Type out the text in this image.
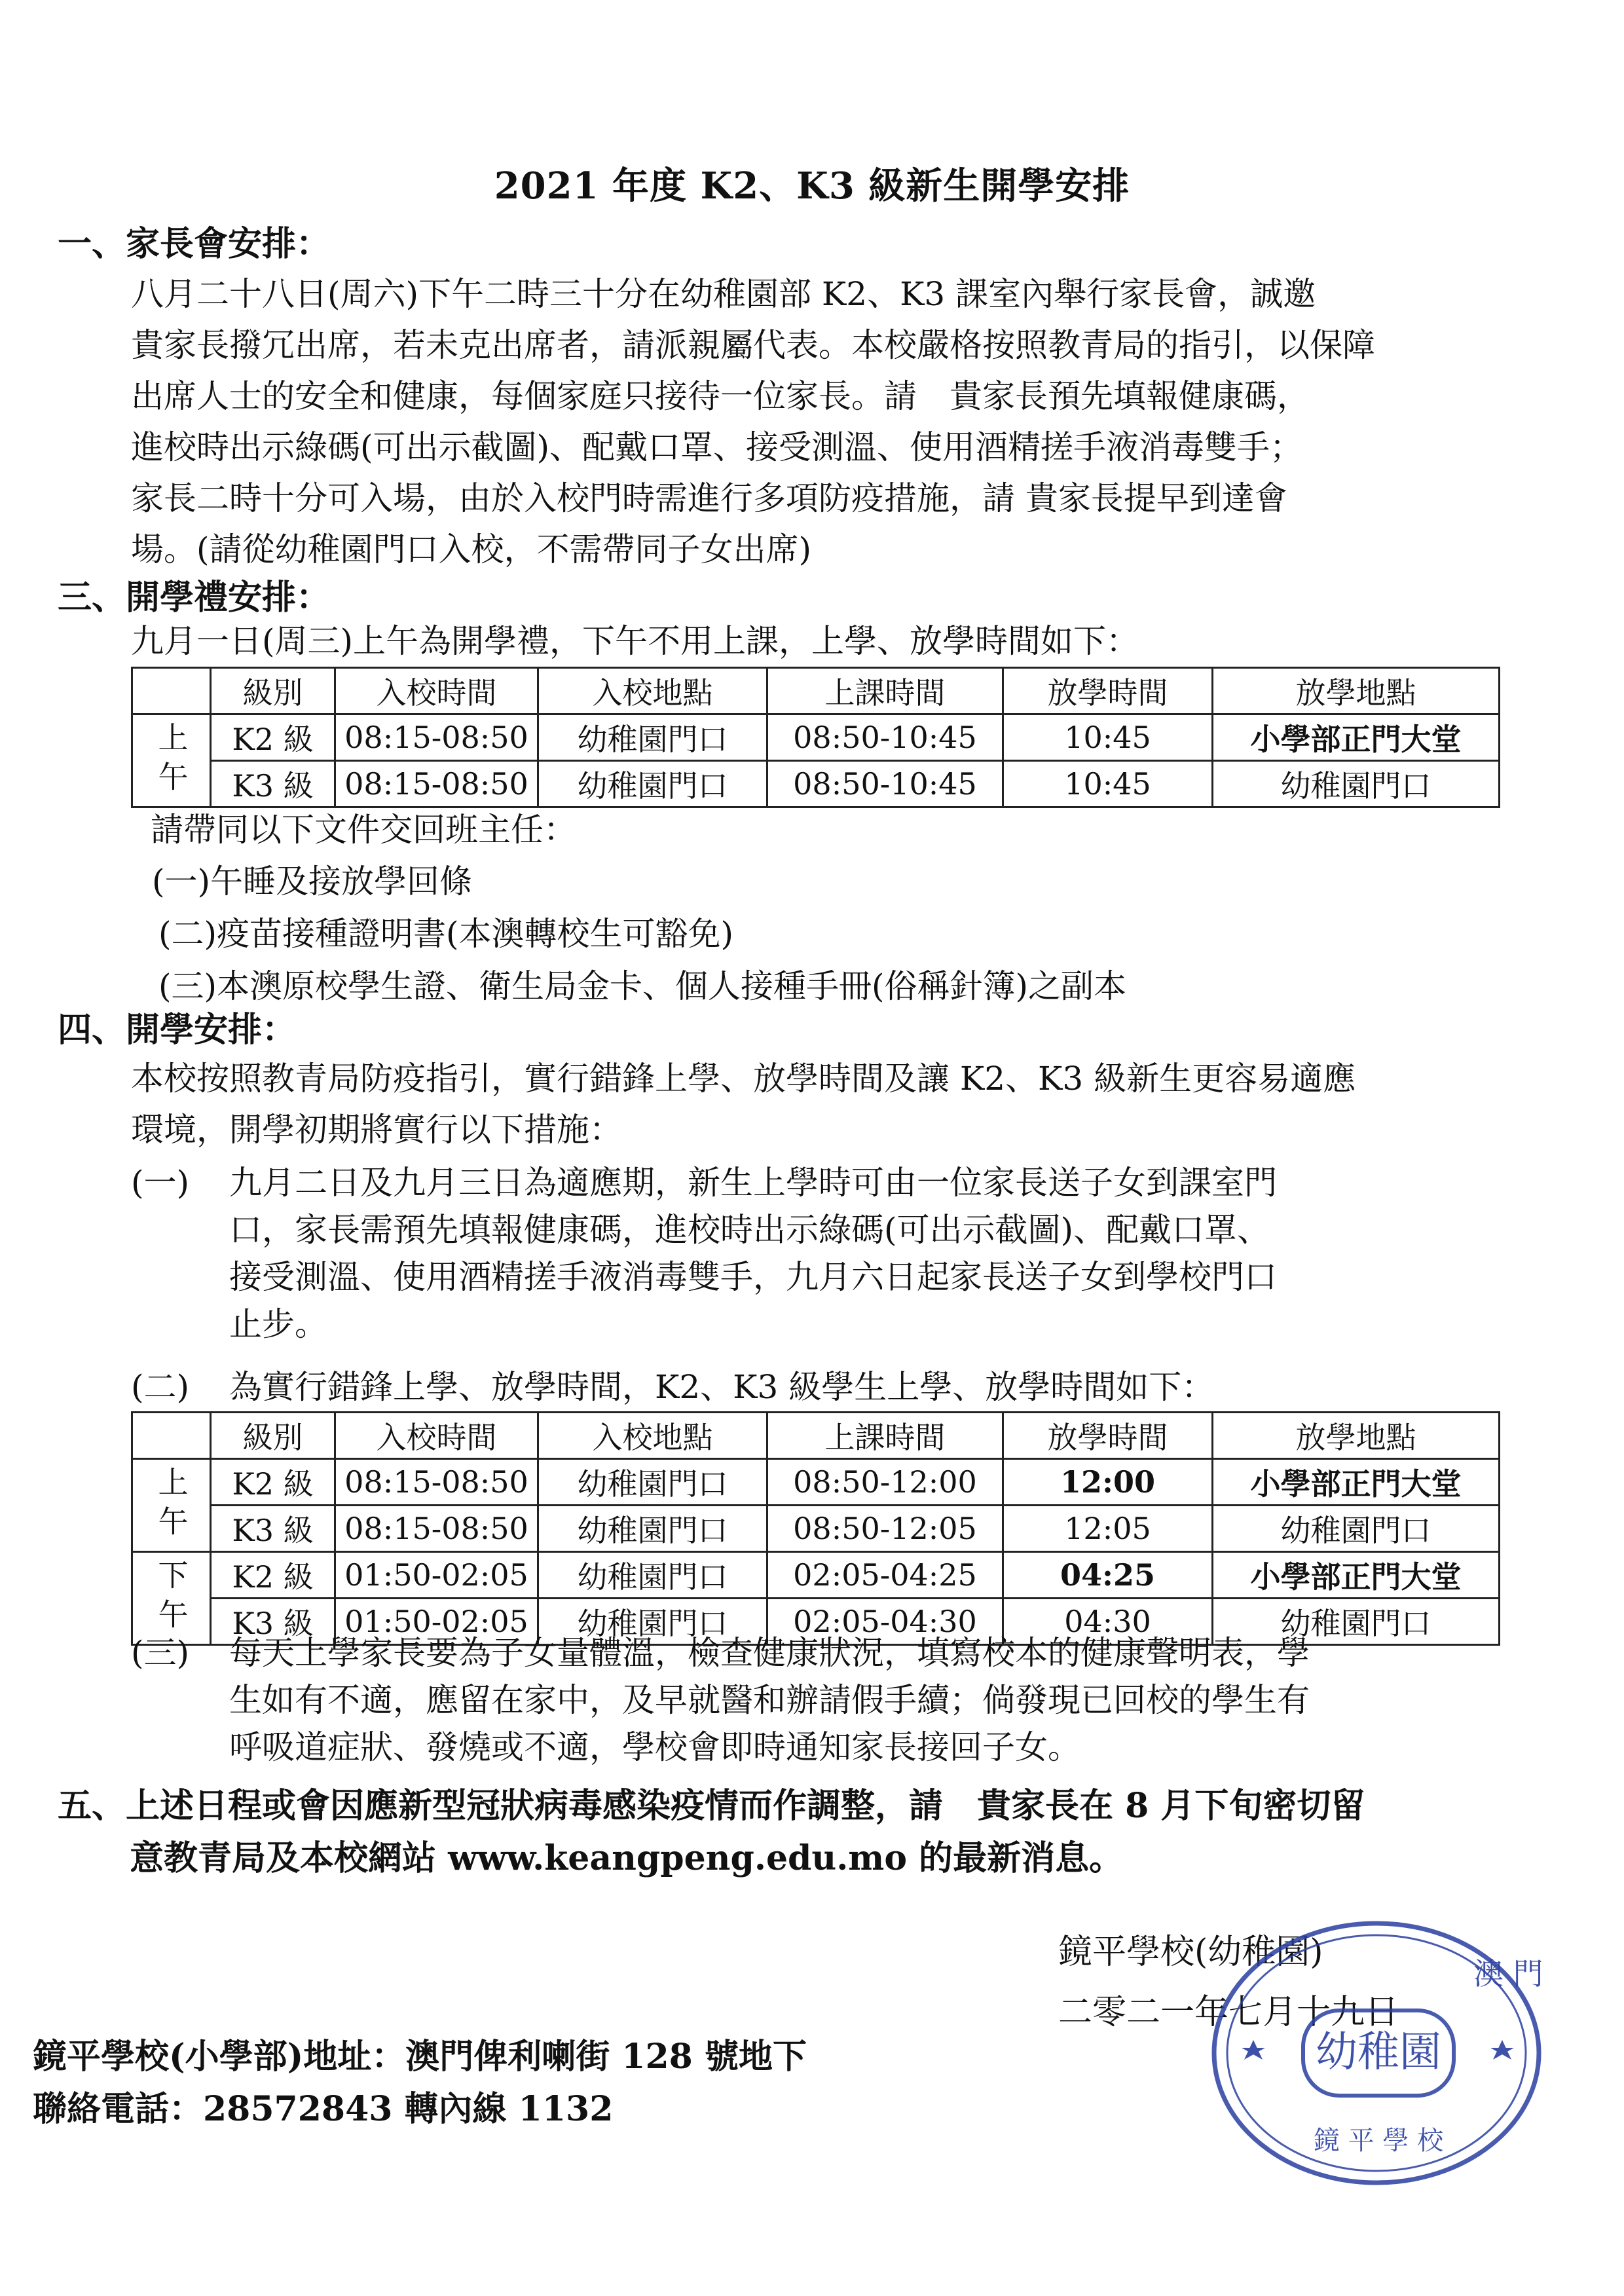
2021 年度 K2、K3 級新生開學安排
一、家長會安排：
八月二十八日(周六)下午二時三十分在幼稚園部 K2、K3 課室內舉行家長會，誠邀
貴家長撥冗出席，若未克出席者，請派親屬代表。本校嚴格按照教青局的指引，以保障
出席人士的安全和健康，每個家庭只接待一位家長。請　貴家長預先填報健康碼，
進校時出示綠碼(可出示截圖)、配戴口罩、接受測溫、使用酒精搓手液消毒雙手；
家長二時十分可入場，由於入校門時需進行多項防疫措施，請 貴家長提早到達會
場。(請從幼稚園門口入校，不需帶同子女出席)
三、開學禮安排：
九月一日(周三)上午為開學禮，下午不用上課，上學、放學時間如下：
	級別	入校時間	入校地點	上課時間	放學時間	放學地點
上午	K2 級	08:15-08:50	幼稚園門口	08:50-10:45	10:45	小學部正門大堂
	K3 級	08:15-08:50	幼稚園門口	08:50-10:45	10:45	幼稚園門口
請帶同以下文件交回班主任：
(一)午睡及接放學回條
(二)疫苗接種證明書(本澳轉校生可豁免)
(三)本澳原校學生證、衛生局金卡、個人接種手冊(俗稱針簿)之副本
四、開學安排：
本校按照教青局防疫指引，實行錯鋒上學、放學時間及讓 K2、K3 級新生更容易適應
環境，開學初期將實行以下措施：
(一) 九月二日及九月三日為適應期，新生上學時可由一位家長送子女到課室門
口，家長需預先填報健康碼，進校時出示綠碼(可出示截圖)、配戴口罩、
接受測溫、使用酒精搓手液消毒雙手，九月六日起家長送子女到學校門口
止步。
(二) 為實行錯鋒上學、放學時間，K2、K3 級學生上學、放學時間如下：
	級別	入校時間	入校地點	上課時間	放學時間	放學地點
上午	K2 級	08:15-08:50	幼稚園門口	08:50-12:00	12:00	小學部正門大堂
	K3 級	08:15-08:50	幼稚園門口	08:50-12:05	12:05	幼稚園門口
下午	K2 級	01:50-02:05	幼稚園門口	02:05-04:25	04:25	小學部正門大堂
	K3 級	01:50-02:05	幼稚園門口	02:05-04:30	04:30	幼稚園門口
(三) 每天上學家長要為子女量體溫，檢查健康狀況，填寫校本的健康聲明表，學
生如有不適，應留在家中，及早就醫和辦請假手續；倘發現已回校的學生有
呼吸道症狀、發燒或不適，學校會即時通知家長接回子女。
五、上述日程或會因應新型冠狀病毒感染疫情而作調整，請　貴家長在 8 月下旬密切留
意教青局及本校網站 www.keangpeng.edu.mo 的最新消息。
鏡平學校(幼稚園)
二零二一年七月十九日
澳 門
幼稚園
鏡 平 學 校
鏡平學校(小學部)地址：澳門俾利喇街 128 號地下
聯絡電話：28572843 轉內線 1132
